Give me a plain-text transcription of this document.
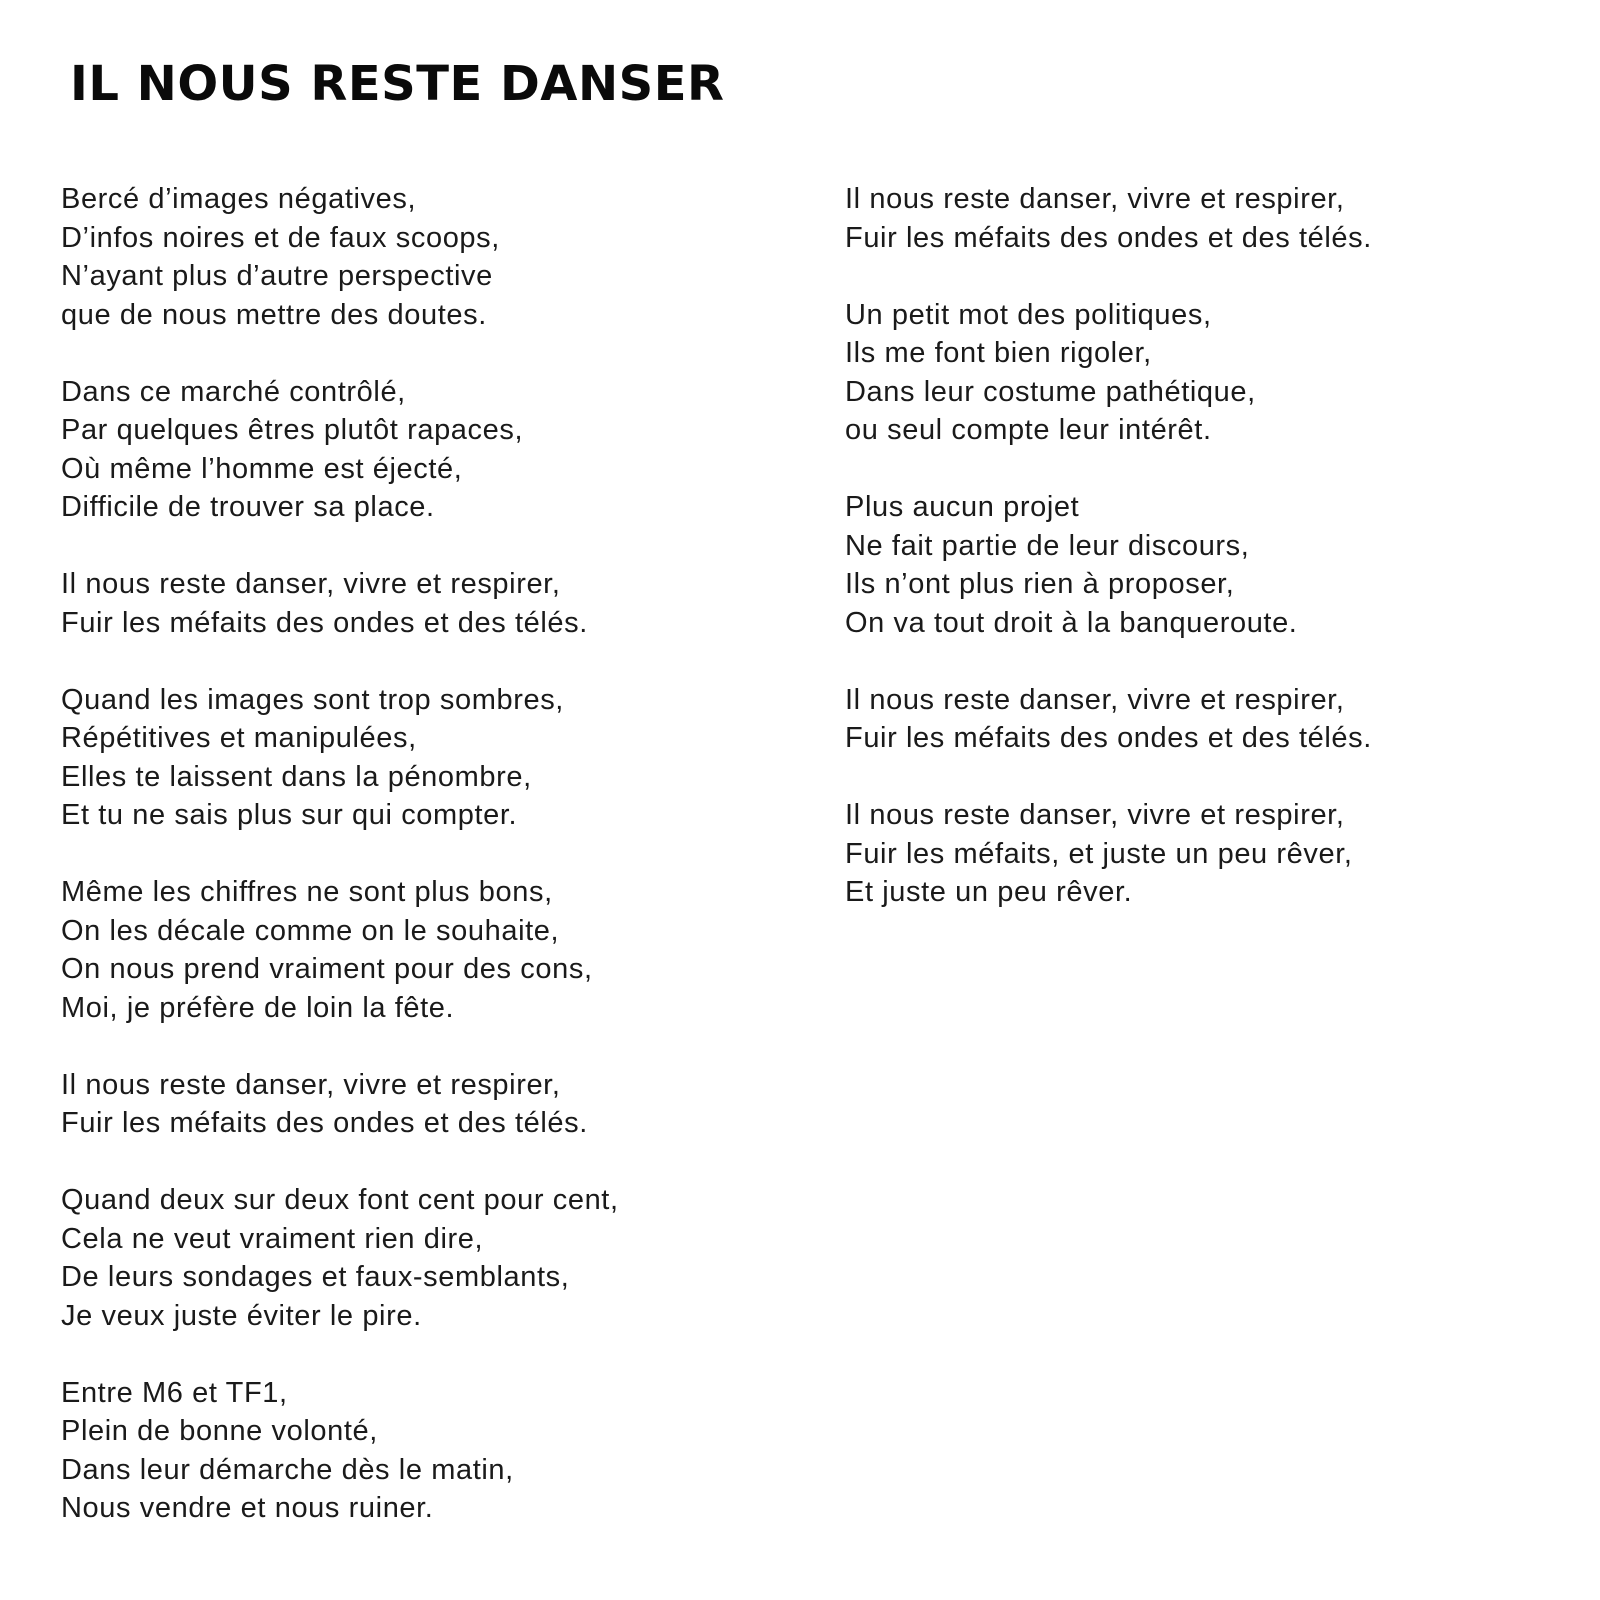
IL NOUS RESTE DANSER
Bercé d’images négatives,
D’infos noires et de faux scoops,
N’ayant plus d’autre perspective
que de nous mettre des doutes.
Dans ce marché contrôlé,
Par quelques êtres plutôt rapaces,
Où même l’homme est éjecté,
Difficile de trouver sa place.
Il nous reste danser, vivre et respirer,
Fuir les méfaits des ondes et des télés.
Quand les images sont trop sombres,
Répétitives et manipulées,
Elles te laissent dans la pénombre,
Et tu ne sais plus sur qui compter.
Même les chiffres ne sont plus bons,
On les décale comme on le souhaite,
On nous prend vraiment pour des cons,
Moi, je préfère de loin la fête.
Il nous reste danser, vivre et respirer,
Fuir les méfaits des ondes et des télés.
Quand deux sur deux font cent pour cent,
Cela ne veut vraiment rien dire,
De leurs sondages et faux-semblants,
Je veux juste éviter le pire.
Entre M6 et TF1,
Plein de bonne volonté,
Dans leur démarche dès le matin,
Nous vendre et nous ruiner.
Il nous reste danser, vivre et respirer,
Fuir les méfaits des ondes et des télés.
Un petit mot des politiques,
Ils me font bien rigoler,
Dans leur costume pathétique,
ou seul compte leur intérêt.
Plus aucun projet
Ne fait partie de leur discours,
Ils n’ont plus rien à proposer,
On va tout droit à la banqueroute.
Il nous reste danser, vivre et respirer,
Fuir les méfaits des ondes et des télés.
Il nous reste danser, vivre et respirer,
Fuir les méfaits, et juste un peu rêver,
Et juste un peu rêver.
